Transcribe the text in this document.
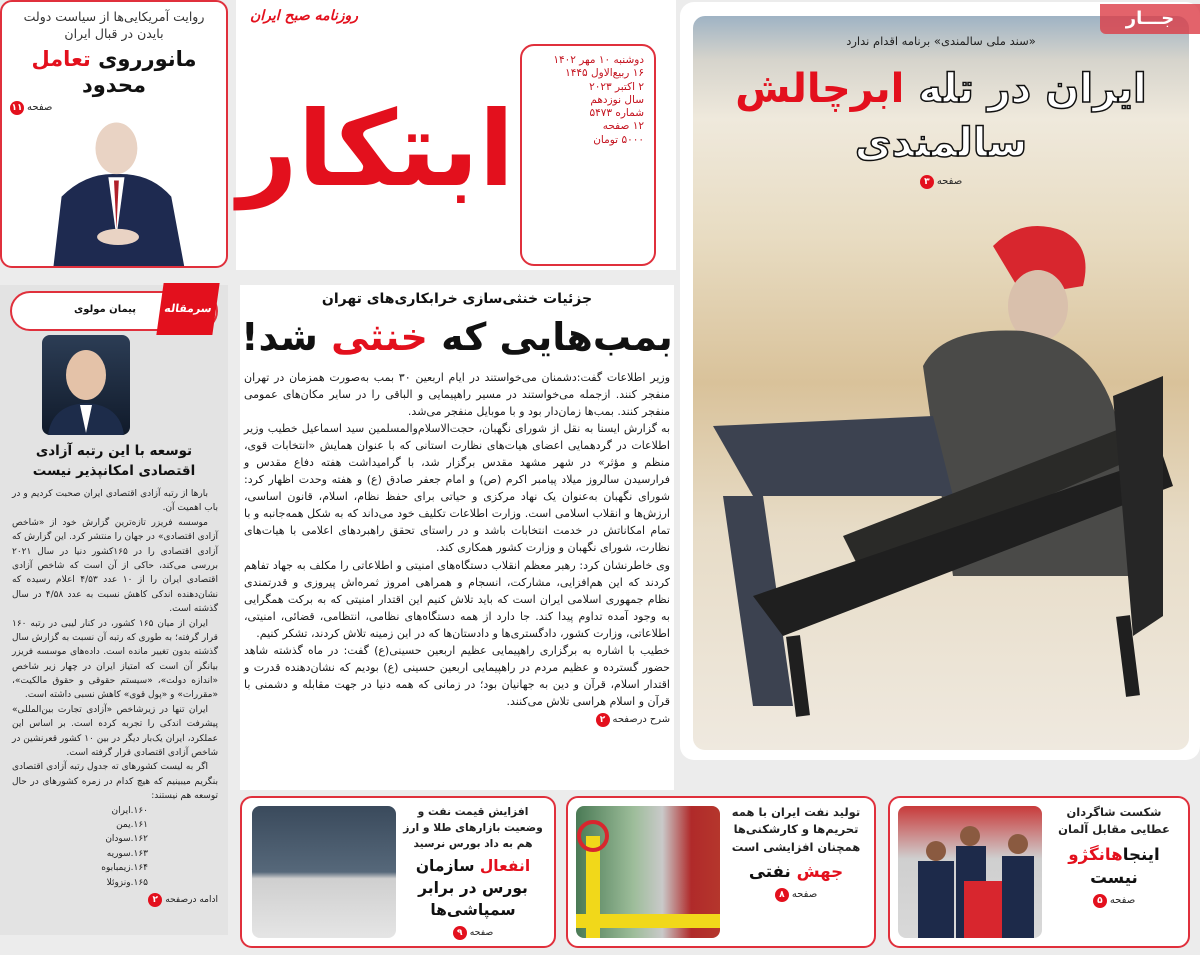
روایت آمریکایی‌ها از سیاست دولت بایدن در قبال ایران
مانورروی تعامل محدود
صفحه
۱۱ ابتکار
روزنامه صبح ایران
دوشنبه ۱۰ مهر ۱۴۰۲
۱۶ ربیع‌الاول ۱۴۴۵
۲ اکتبر ۲۰۲۳
سال نوزدهم
شماره ۵۴۷۳
۱۲ صفحه
۵۰۰۰ تومان
«سند ملی سالمندی» برنامه اقدام ندارد
ایران در تله ابرچالش سالمندی
صفحه
۳
جـــار
جزئیات خنثی‌سازی خرابکاری‌های تهران
بمب‌هایی که خنثی شد!

وزیر اطلاعات گفت:دشمنان می‌خواستند در ایام اربعین ۳۰ بمب به‌صورت همزمان در تهران منفجر کنند. ازجمله می‌خواستند در مسیر راهپیمایی و الباقی را در سایر مکان‌های عمومی منفجر کنند. بمب‌ها زمان‌دار بود و با موبایل منفجر می‌شد.

به گزارش ایسنا به نقل از شورای نگهبان، حجت‌الاسلام‌والمسلمین سید اسماعیل خطیب وزیر اطلاعات در گردهمایی اعضای هیات‌های نظارت استانی که با عنوان همایش «انتخابات قوی، منظم و مؤثر» در شهر مشهد مقدس برگزار شد، با گرامیداشت هفته دفاع مقدس و فرارسیدن سالروز میلاد پیامبر اکرم (ص) و امام جعفر صادق (ع) و هفته وحدت اظهار کرد: شورای نگهبان به‌عنوان یک نهاد مرکزی و حیاتی برای حفظ نظام، اسلام، قانون اساسی، ارزش‌ها و انقلاب اسلامی است. وزارت اطلاعات تکلیف خود می‌داند که به شکل همه‌جانبه و با تمام امکاناتش در خدمت انتخابات باشد و در راستای تحقق راهبردهای اعلامی با هیات‌های نظارت، شورای نگهبان و وزارت کشور همکاری کند.

وی خاطرنشان کرد: رهبر معظم انقلاب دستگاه‌های امنیتی و اطلاعاتی را مکلف به جهاد تفاهم کردند که این هم‌افزایی، مشارکت، انسجام و همراهی امروز ثمره‌اش پیروزی و قدرتمندی نظام جمهوری اسلامی ایران است که باید تلاش کنیم این اقتدار امنیتی که به برکت همگرایی به وجود آمده تداوم پیدا کند. جا دارد از همه دستگاه‌های نظامی، انتظامی، قضائی، امنیتی، اطلاعاتی، وزارت کشور، دادگستری‌ها و دادستان‌ها که در این زمینه تلاش کردند، تشکر کنیم.

خطیب با اشاره به برگزاری راهپیمایی عظیم اربعین حسینی(ع) گفت: در ماه گذشته شاهد حضور گسترده و عظیم مردم در راهپیمایی اربعین حسینی (ع) بودیم که نشان‌دهنده قدرت و اقتدار اسلام، قرآن و دین به جهانیان بود؛ در زمانی که همه دنیا در جهت مقابله و دشمنی با قرآن و اسلام هراسی تلاش می‌کنند.

شرح درصفحه
۲
پیمان مولوی	سرمقاله
توسعه با این رتبه آزادی اقتصادی امکانپذیر نیست

بارها از رتبه آزادی اقتصادی ایران صحبت کردیم و در باب اهمیت آن.

موسسه فریزر تازه‌ترین گزارش خود از «شاخص آزادی اقتصادی» در جهان را منتشر کرد. این گزارش که آزادی اقتصادی را در ۱۶۵کشور دنیا در سال ۲۰۲۱ بررسی می‌کند، حاکی از آن است که شاخص آزادی اقتصادی ایران را از ۱۰ عدد ۴/۵۳ اعلام رسیده که نشان‌دهنده اندکی کاهش نسبت به عدد ۴/۵۸ در سال گذشته است.

ایران از میان ۱۶۵ کشور، در کنار لیبی در رتبه ۱۶۰ قرار گرفته؛ به طوری که رتبه آن نسبت به گزارش سال گذشته بدون تغییر مانده است. داده‌های موسسه فریزر بیانگر آن است که امتیاز ایران در چهار زیر شاخص «اندازه دولت»، «سیستم حقوقی و حقوق مالکیت»، «مقررات» و «پول قوی» کاهش نسبی داشته است.

ایران تنها در زیرشاخص «آزادی تجارت بین‌المللی» پیشرفت اندکی را تجربه کرده است. بر اساس این عملکرد، ایران یک‌بار دیگر در بین ۱۰ کشور قعرنشین در شاخص آزادی اقتصادی قرار گرفته است.

اگر به لیست کشورهای ته جدول رتبه آزادی اقتصادی بنگریم میبینیم که هیچ کدام در زمره کشورهای در حال توسعه هم نیستند:

۱۶۰.ایران
۱۶۱.یمن
۱۶۲.سودان
۱۶۳.سوریه
۱۶۴.زیمبابوه
۱۶۵.ونزوئلا
ادامه درصفحه
۲
افزایش قیمت نفت و وضعیت بازارهای طلا و ارز هم به داد بورس نرسید
انفعال سازمان بورس در برابر سمپاشی‌ها
صفحه
۹
تولید نفت ایران با همه تحریم‌ها و کارشکنی‌ها همچنان افزایشی است
جهش نفتی
صفحه
۸
شکست شاگردان عطایی مقابل آلمان
اینجاهانگژو نیست
صفحه
۵
